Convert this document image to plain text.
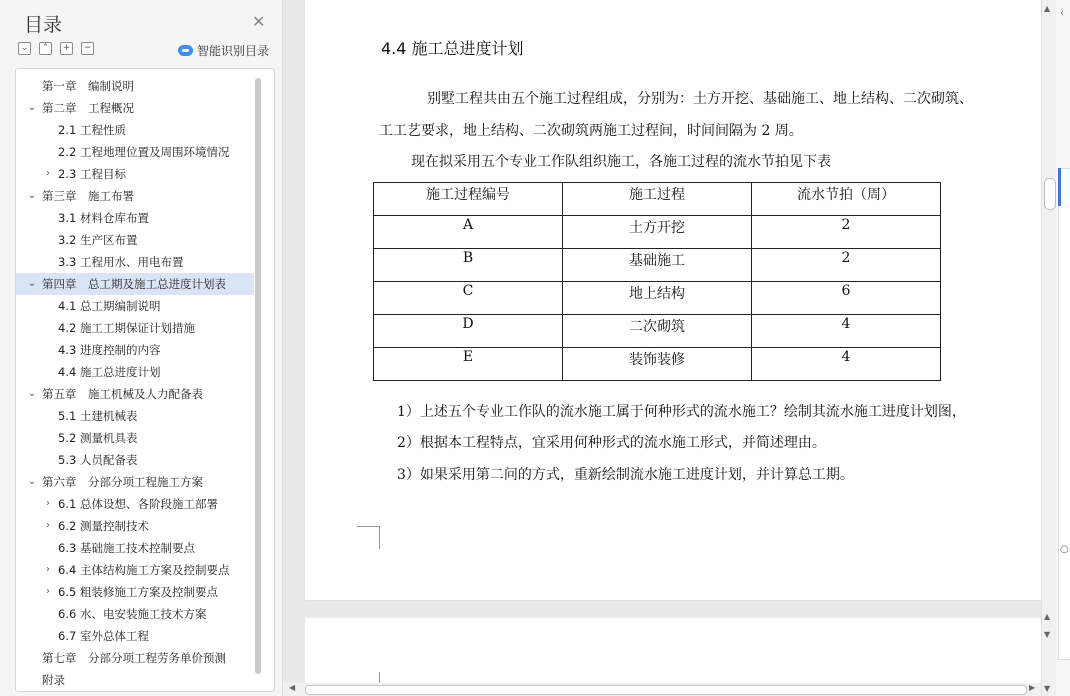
目录	✕
⌄	⌃	+	−	智能识别目录
第一章　编制说明
⌄ 第二章　工程概况
2.1 工程性质
2.2 工程地理位置及周围环境情况
› 2.3 工程目标
⌄ 第三章　施工布署
3.1 材料仓库布置
3.2 生产区布置
3.3 工程用水、用电布置
⌄ 第四章　总工期及施工总进度计划表
4.1 总工期编制说明
4.2 施工工期保证计划措施
4.3 进度控制的内容
4.4 施工总进度计划
⌄ 第五章　施工机械及人力配备表
5.1 土建机械表
5.2 测量机具表
5.3 人员配备表
⌄ 第六章　分部分项工程施工方案
› 6.1 总体设想、各阶段施工部署
› 6.2 测量控制技术
6.3 基础施工技术控制要点
› 6.4 主体结构施工方案及控制要点
› 6.5 粗装修施工方案及控制要点
6.6 水、电安装施工技术方案
6.7 室外总体工程
第七章　分部分项工程劳务单价预测
附录
4.4 施工总进度计划
别墅工程共由五个施工过程组成，分别为：土方开挖、基础施工、地上结构、二次砌筑、
工工艺要求，地上结构、二次砌筑两施工过程间，时间间隔为 2 周。
现在拟采用五个专业工作队组织施工，各施工过程的流水节拍见下表
施工过程编号	施工过程	流水节拍（周）
A	土方开挖	2
B	基础施工	2
C	地上结构	6
D	二次砌筑	4
E	装饰装修	4
1）上述五个专业工作队的流水施工属于何种形式的流水施工？绘制其流水施工进度计划图，
2）根据本工程特点，宜采用何种形式的流水施工形式，并简述理由。
3）如果采用第二问的方式，重新绘制流水施工进度计划，并计算总工期。
▲
▲
▼
▼
◀	▶
‹
○
